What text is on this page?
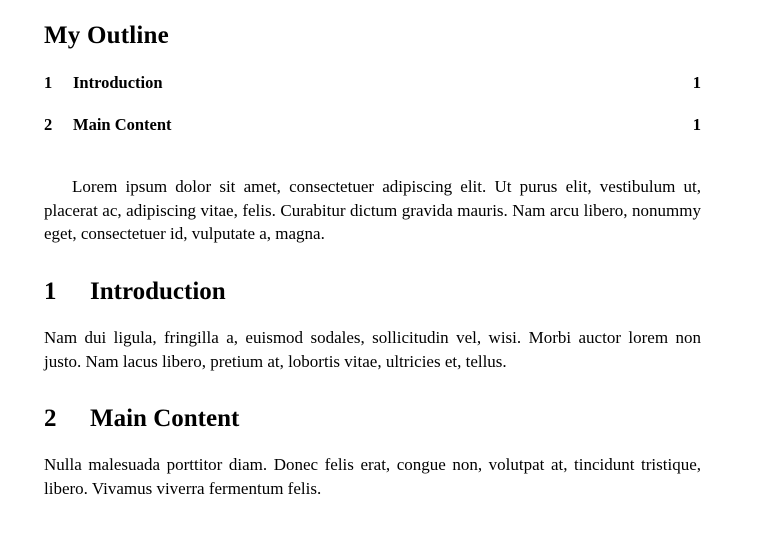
My Outline
1	Introduction	1
2	Main Content	1

Lorem ipsum dolor sit amet, consectetuer adipiscing elit. Ut purus elit, vestibulum ut, placerat ac, adipiscing vitae, felis. Curabitur dictum gravida mauris. Nam arcu libero, nonummy eget, consectetuer id, vulputate a, magna.

1	Introduction

Nam dui ligula, fringilla a, euismod sodales, sollicitudin vel, wisi. Morbi auctor lorem non justo. Nam lacus libero, pretium at, lobortis vitae, ultricies et, tellus.

2	Main Content

Nulla malesuada porttitor diam. Donec felis erat, congue non, volutpat at, tincidunt tristique, libero. Vivamus viverra fermentum felis.
